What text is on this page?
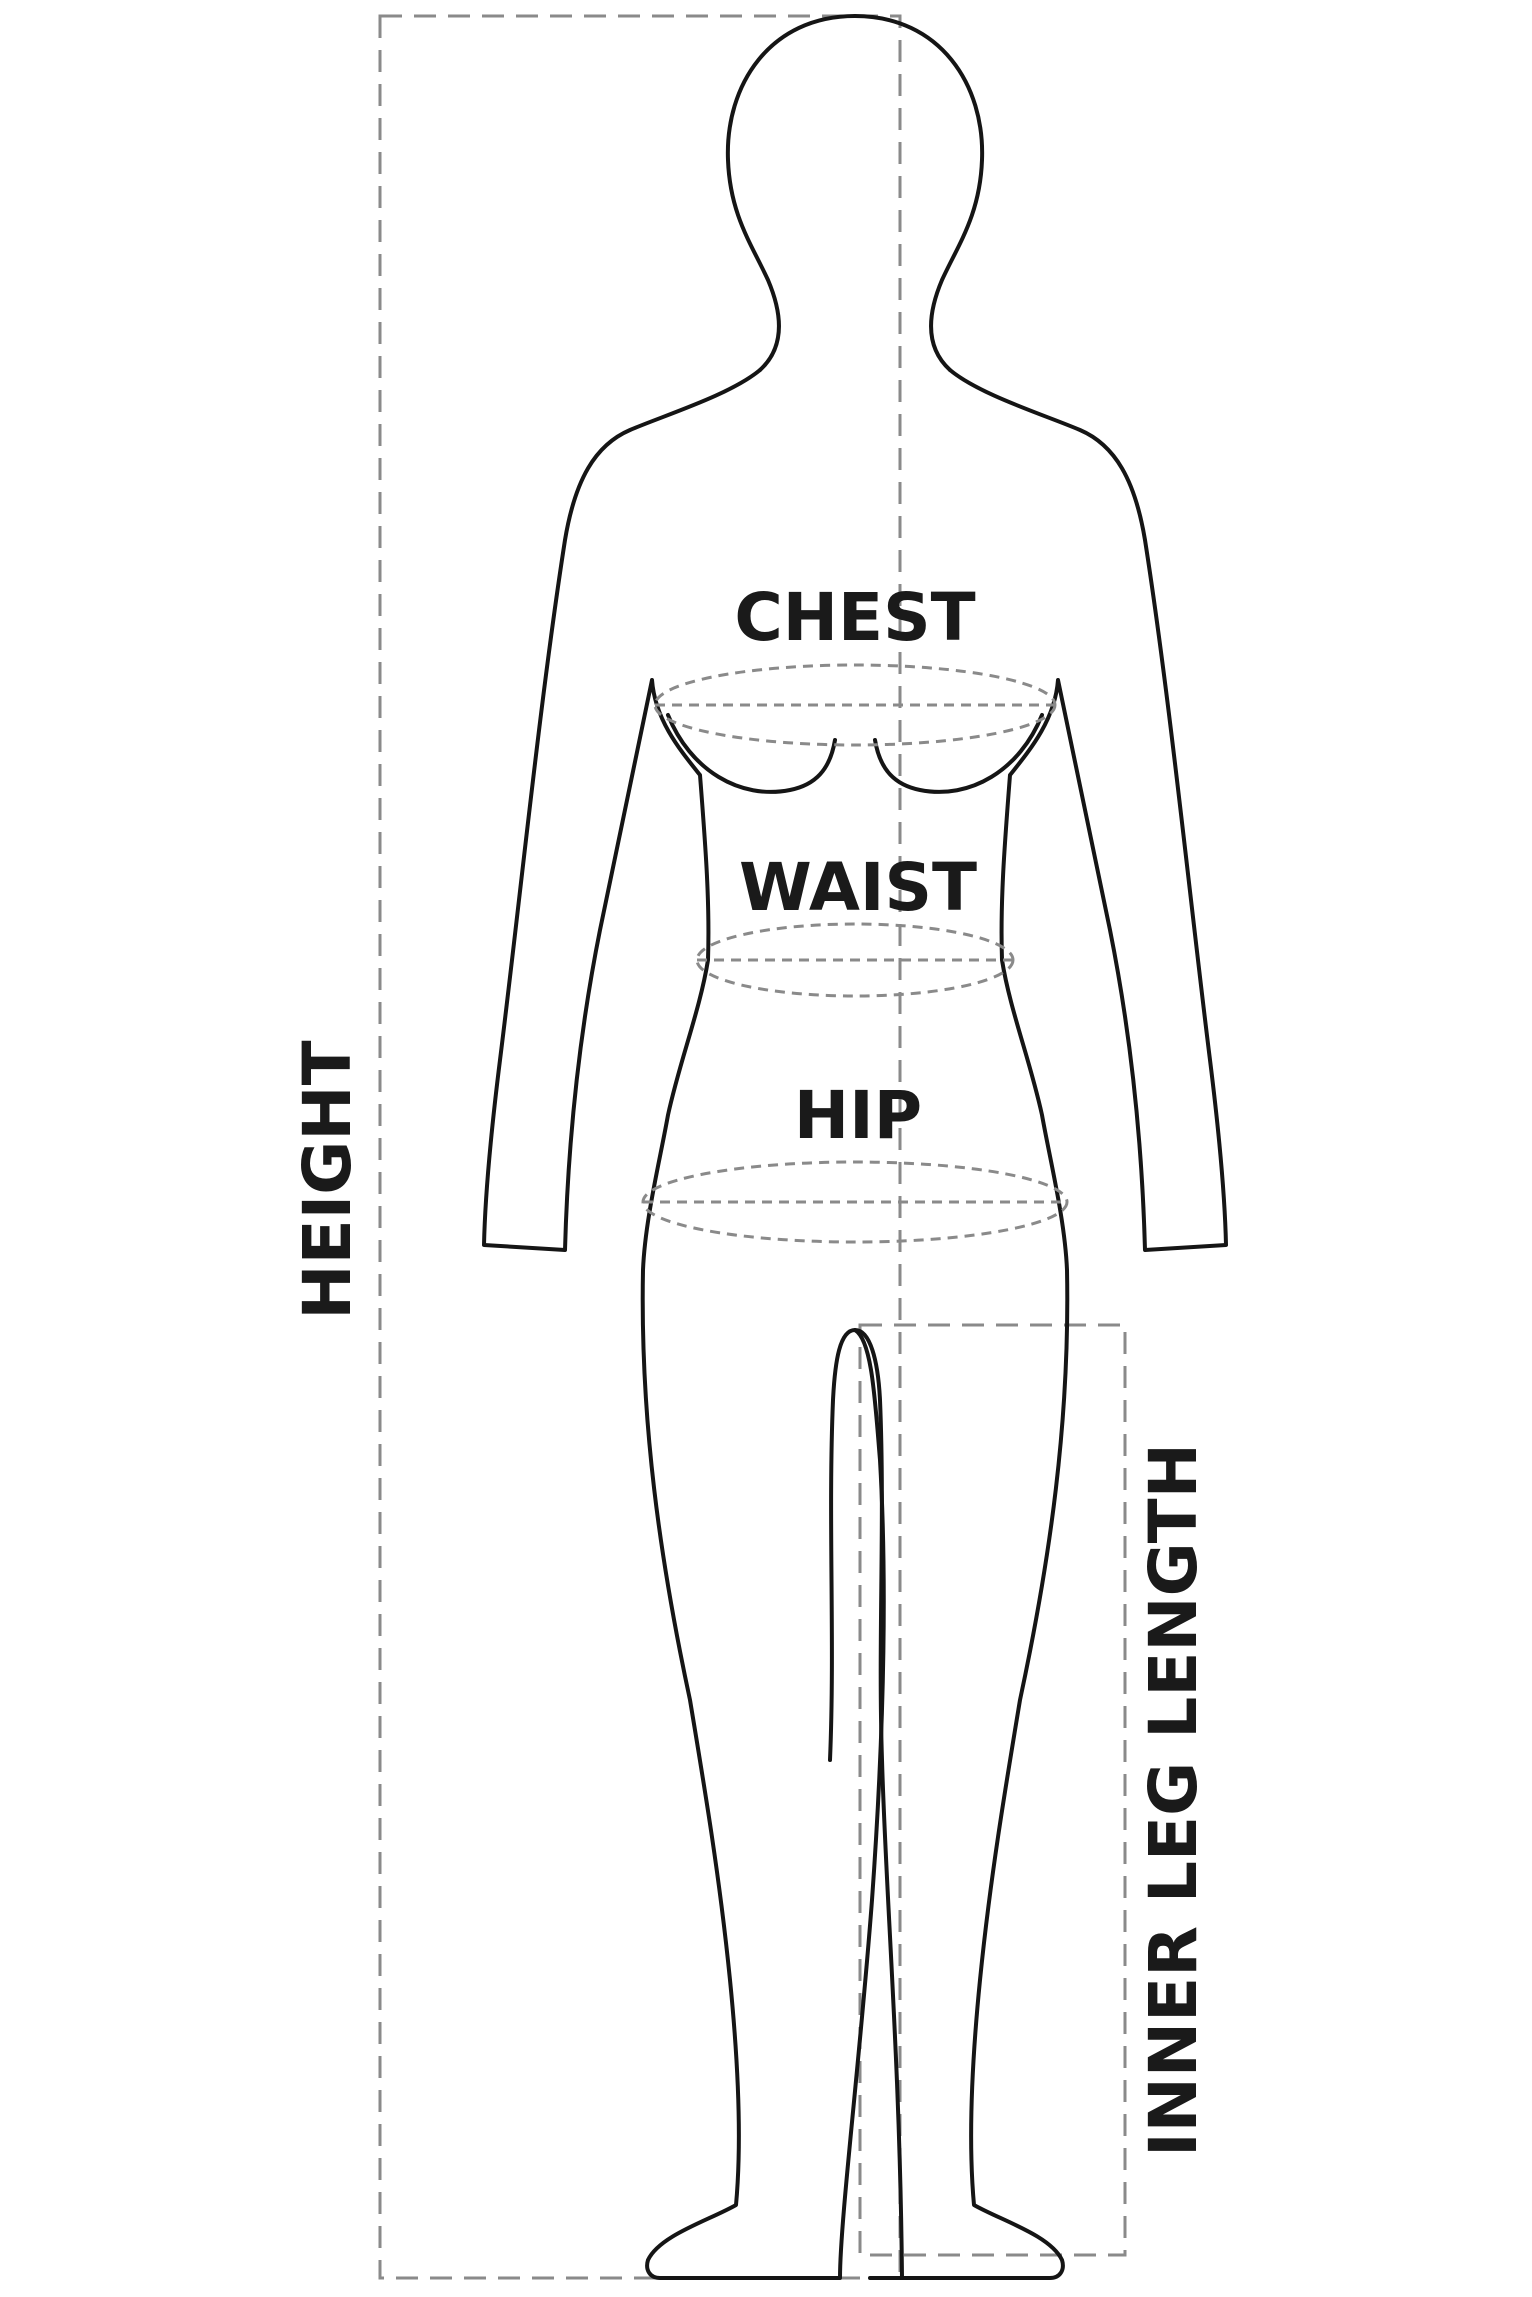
CHEST
WAIST
HIP
HEIGHT
INNER LEG LENGTH
